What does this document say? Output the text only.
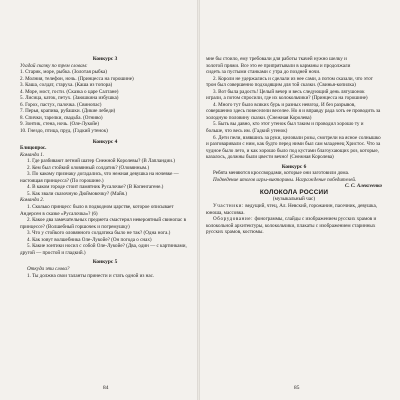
Конкурс 3

Угадай сказку по трем словам:

1. Старик, море, рыбка. (Золотая рыбка)

2. Молния, телефон, ночь. (Принцесса на горошине)

3. Каша, солдат, старуха. (Каша из топора)

4. Море, мост, гости. (Сказка о царе Салтане)

5. Лисица, каток, петух. (Заюшкина избушка)

6. Горох, пастух, палочка. (Свинопас)

7. Перья, крапива, рубашки. (Дикие лебеди)

8. Спички, тарелки, свадьба. (Огниво)

9. Зонтик, стена, ночь. (Оле-Лукойе)

10. Гнездо, птица, пруд. (Гадкий утенок)

Конкурс 4

Блицопрос.

Команда 1.

1. Где разбивают летний шатер Снежной Королевы? (В Лапландии.)

2. Кем был стойкий оловянный солдатик? (Оловянным.)

3. По какому признаку догадались, что нежная девушка на ночевке — настоящая принцесса? (По горошине.)

4. В каком городе стоит памятник Русалочке? (В Копенгагене.)

5. Как звали сказочную Дюймовочку? (Майя.)

Команда 2.

1. Сколько принцесс было в подводном царстве, которое описывает Андерсен в сказке «Русалочка»? (6)

2. Какое два замечательных предмета смастерил невероятный свинопас в принцессе? (Волшебный горшочек и погремушку)

3. Что у стойкого оловянного солдатика было не так? (Одна нога.)

4. Как зовут волшебника Оле-Лукойе? (Он погода о снах)

5. Какие зонтики носил с собой Оле-Лукойе? (Два, один — с картинками, другой — простой и гладкий.)

Конкурс 5

Откуда эти слова?

1. Ты должна свои таланты принести и стать одной из нас.

мне бы стоило, ему требовали для работы ткачей нужно шелку и

золотой пряжи. Все это ее припрятывали в карманы и продолжали

сидеть за пустыми станками с утра до поздней ночи.

2. Короли не удержались и сделали из нее сами, а потом сказали, что этот трон был совершенно подходящим для той сказки. (Свинья-копилка)

3. Вот была радость! Целый вечер и весь следующий день лягушонок играли, а потом спросили, где их колокольчики? (Принцесса на горошине)

4. Много тут было всяких бурь и разных невзгод. И без разрывов, совершенно здесь повеселели веселее. Но я и вправду рада хоть ее проводить за холодную половину сказки. (Снежная Королева)

5. Быть вы давно, кто этот утенок был таким и проводил хорошо ту и больше, что весь им. (Гадкий утенок)

6. Дети пели, взявшись за руки, целовали розы, смотрели на ясное солнышко и разговаривали с ним, как будто перед ними был сам младенец Христос. Что за чудное было лето, и как хорошо было под кустами благоухающих роз, которые, казалось, должны были цвести вечно! (Снежная Королева)

Конкурс 6

Ребята меняются кроссвордами, которые они заготовили дома.

Подведение итогов игры-викторины. Награждение победителей.

С. С. Алексеенко

КОЛОКОЛА РОССИИ

(музыкальный час)

Участники: ведущий, чтец, Ал. Невский, горожанин, пасечник, девушка, юноша, массовка.

Оборудование: фонограммы, слайды с изображением русских храмов и колокольной архитектуры, колокольчики, плакаты с изображением старинных русских храмов, костюмы.

84	85
